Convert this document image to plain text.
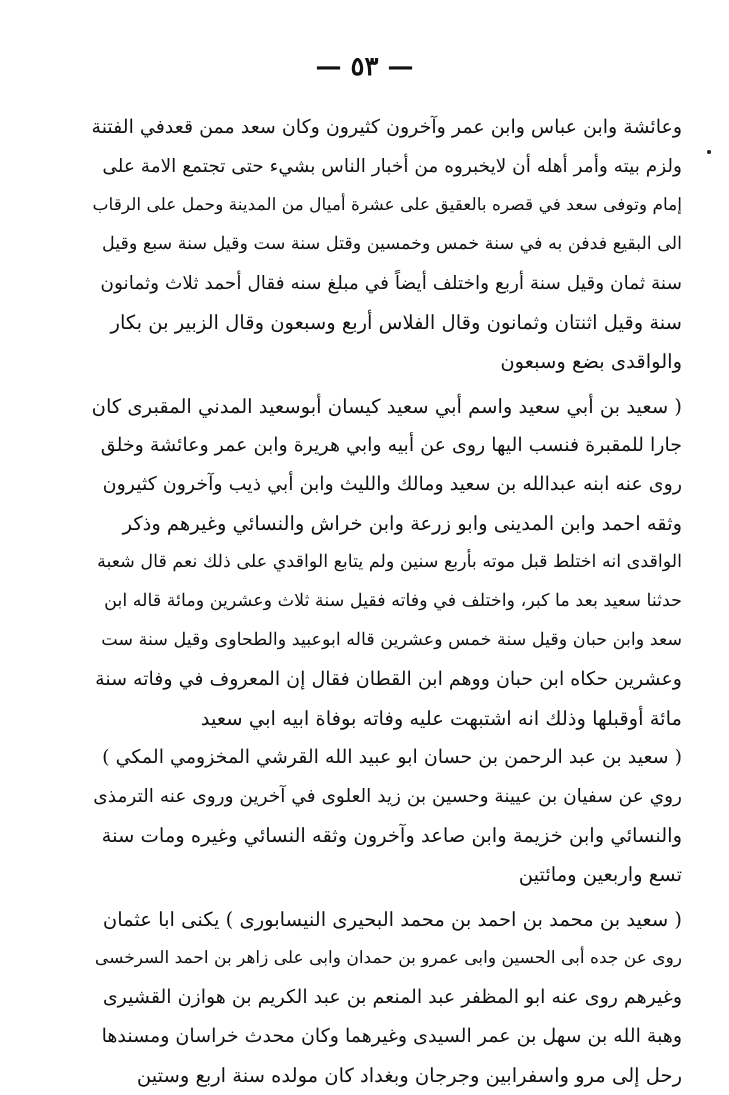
— ٥٣ —
وعائشة وابن عباس وابن عمر وآخرون كثيرون وكان سعد ممن قعدفي الفتنة
ولزم بيته وأمر أهله أن لايخبروه من أخبار الناس بشيء حتى تجتمع الامة على
إمام وتوفى سعد في قصره بالعقيق على عشرة أميال من المدينة وحمل على الرقاب
الى البقيع فدفن به في سنة خمس وخمسين وقتل سنة ست وقيل سنة سبع وقيل
سنة ثمان وقيل سنة أربع واختلف أيضاً في مبلغ سنه فقال أحمد ثلاث وثمانون
سنة وقيل اثنتان وثمانون وقال الفلاس أربع وسبعون وقال الزبير بن بكار
والواقدى بضع وسبعون
( سعيد بن أبي سعيد واسم أبي سعيد كيسان أبوسعيد المدني المقبرى كان
جارا للمقبرة فنسب اليها روى عن أبيه وابي هريرة وابن عمر وعائشة وخلق
روى عنه ابنه عبدالله بن سعيد ومالك والليث وابن أبي ذيب وآخرون كثيرون
وثقه احمد وابن المدينى وابو زرعة وابن خراش والنسائي وغيرهم وذكر
الواقدى انه اختلط قبل موته بأربع سنين ولم يتابع الواقدي على ذلك نعم قال شعبة
حدثنا سعيد بعد ما كبر، واختلف في وفاته فقيل سنة ثلاث وعشرين ومائة قاله ابن
سعد وابن حبان وقيل سنة خمس وعشرين قاله ابوعبيد والطحاوى وقيل سنة ست
وعشرين حكاه ابن حبان ووهم ابن القطان فقال إن المعروف في وفاته سنة
مائة أوقبلها وذلك انه اشتبهت عليه وفاته بوفاة ابيه ابي سعيد
( سعيد بن عبد الرحمن بن حسان ابو عبيد الله القرشي المخزومي المكي )
روي عن سفيان بن عيينة وحسين بن زيد العلوى في آخرين وروى عنه الترمذى
والنسائي وابن خزيمة وابن صاعد وآخرون وثقه النسائي وغيره ومات سنة
تسع واربعين ومائتين
( سعيد بن محمد بن احمد بن محمد البحيرى النيسابورى ) يكنى ابا عثمان
روى عن جده أبى الحسين وابى عمرو بن حمدان وابى على زاهر بن احمد السرخسى
وغيرهم روى عنه ابو المظفر عبد المنعم بن عبد الكريم بن هوازن القشيرى
وهبة الله بن سهل بن عمر السيدى وغيرهما وكان محدث خراسان ومسندها
رحل إلى مرو واسفرابين وجرجان وبغداد كان مولده سنة اربع وستين
